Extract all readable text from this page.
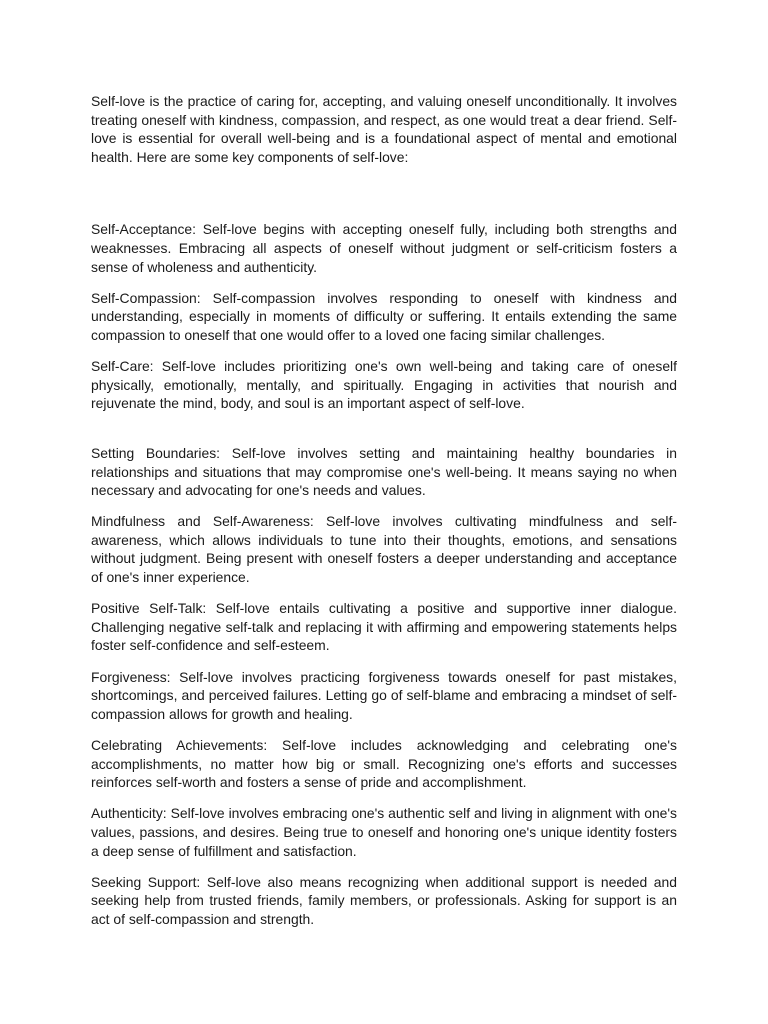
Self-love is the practice of caring for, accepting, and valuing oneself unconditionally. It involves treating oneself with kindness, compassion, and respect, as one would treat a dear friend. Self-love is essential for overall well-being and is a foundational aspect of mental and emotional health. Here are some key components of self-love:

Self-Acceptance: Self-love begins with accepting oneself fully, including both strengths and weaknesses. Embracing all aspects of oneself without judgment or self-criticism fosters a sense of wholeness and authenticity.

Self-Compassion: Self-compassion involves responding to oneself with kindness and understanding, especially in moments of difficulty or suffering. It entails extending the same compassion to oneself that one would offer to a loved one facing similar challenges.

Self-Care: Self-love includes prioritizing one's own well-being and taking care of oneself physically, emotionally, mentally, and spiritually. Engaging in activities that nourish and rejuvenate the mind, body, and soul is an important aspect of self-love.

Setting Boundaries: Self-love involves setting and maintaining healthy boundaries in relationships and situations that may compromise one's well-being. It means saying no when necessary and advocating for one's needs and values.

Mindfulness and Self-Awareness: Self-love involves cultivating mindfulness and self-awareness, which allows individuals to tune into their thoughts, emotions, and sensations without judgment. Being present with oneself fosters a deeper understanding and acceptance of one's inner experience.

Positive Self-Talk: Self-love entails cultivating a positive and supportive inner dialogue. Challenging negative self-talk and replacing it with affirming and empowering statements helps foster self-confidence and self-esteem.

Forgiveness: Self-love involves practicing forgiveness towards oneself for past mistakes, shortcomings, and perceived failures. Letting go of self-blame and embracing a mindset of self-compassion allows for growth and healing.

Celebrating Achievements: Self-love includes acknowledging and celebrating one's accomplishments, no matter how big or small. Recognizing one's efforts and successes reinforces self-worth and fosters a sense of pride and accomplishment.

Authenticity: Self-love involves embracing one's authentic self and living in alignment with one's values, passions, and desires. Being true to oneself and honoring one's unique identity fosters a deep sense of fulfillment and satisfaction.

Seeking Support: Self-love also means recognizing when additional support is needed and seeking help from trusted friends, family members, or professionals. Asking for support is an act of self-compassion and strength.
